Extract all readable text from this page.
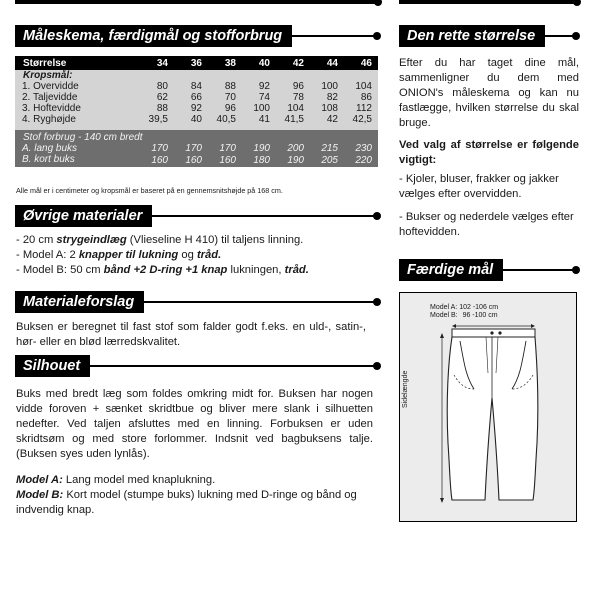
Måleskema, færdigmål og stofforbrug
Størrelse	34	36	38	40	42	44	46
Kropsmål:							
1. Overvidde	80	84	88	92	96	100	104
2. Taljevidde	62	66	70	74	78	82	86
3. Hoftevidde	88	92	96	100	104	108	112
4. Ryghøjde	39,5	40	40,5	41	41,5	42	42,5

Stof forbrug - 140 cm bredt							
A. lang buks	170	170	170	190	200	215	230
B. kort buks	160	160	160	180	190	205	220
Alle mål er i centimeter og kropsmål er baseret på en gennemsnitshøjde på 168 cm.
Øvrige materialer

- 20 cm strygeindlæg (Vlieseline H 410) til taljens linning.

- Model A: 2 knapper til lukning og tråd.

- Model B: 50 cm bånd +2 D-ring +1 knap lukningen, tråd.

Materialeforslag
Buksen er beregnet til fast stof som falder godt f.eks. en uld-, satin-, hør- eller en blød lærredskvalitet.
Silhouet

Buks med bredt læg som foldes omkring midt for. Buksen har nogen vidde foroven + sænket skridtbue og bliver mere slank i silhuetten nedefter. Ved taljen afsluttes med en linning. Forbuksen er uden skridtsøm og med store forlommer. Indsnit ved bagbuksens talje. (Buksen syes uden lynlås).

Model A: Lang model med knaplukning.

Model B: Kort model (stumpe buks) lukning med D-ringe og bånd og indvendig knap.

Den rette størrelse
Efter du har taget dine mål, sammenligner du dem med ONION's måleskema og kan nu fastlægge, hvilken størrelse du skal bruge.
Ved valg af størrelse er følgende vigtigt:
- Kjoler, bluser, frakker og jakker vælges efter overvidden.
- Bukser og nederdele vælges efter hoftevidden.
Færdige mål
Model A: 102 -106 cm
Model B: 96 -100 cm
Sidelængde
